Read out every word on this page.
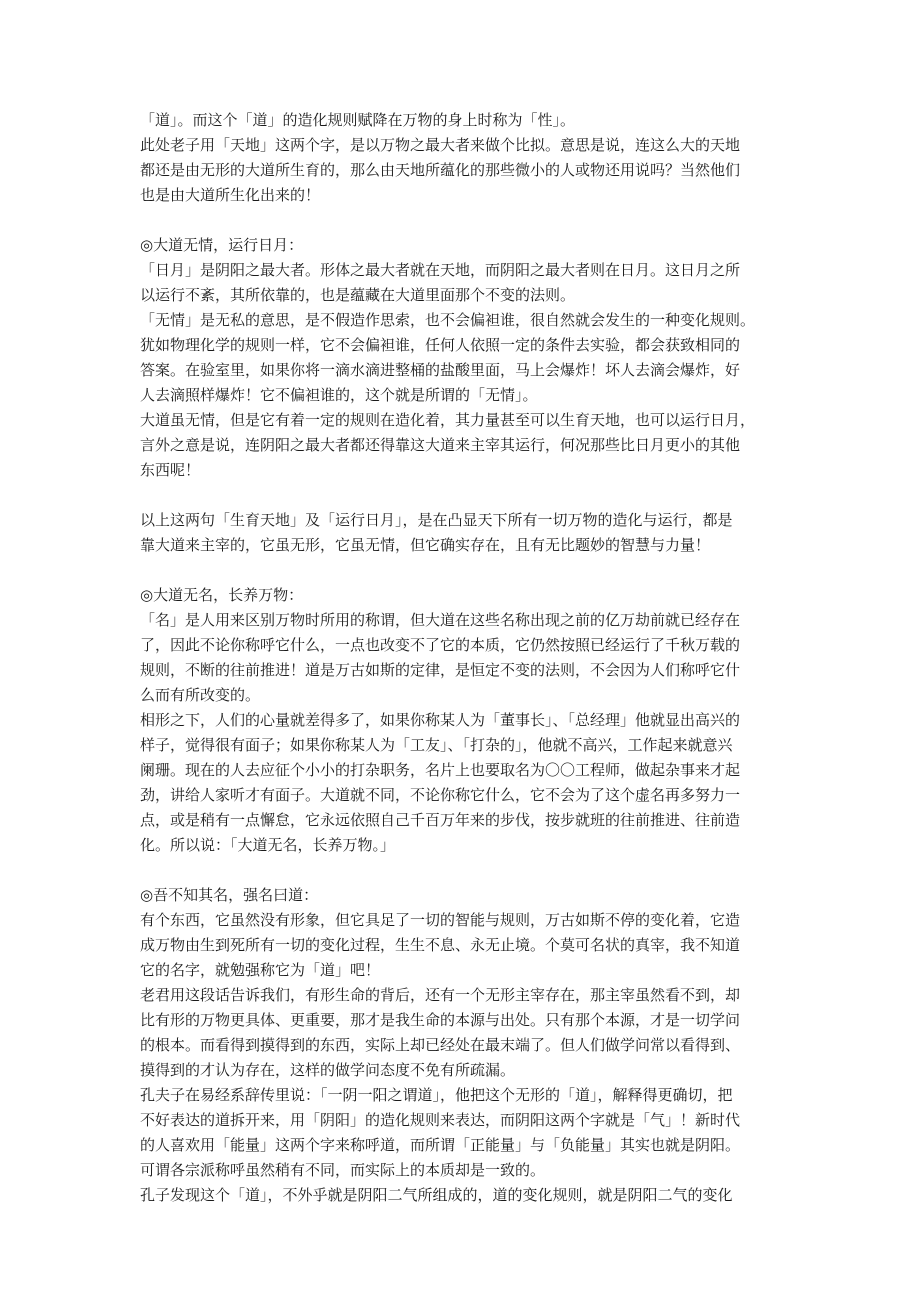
「道」。而这个「道」的造化规则赋降在万物的身上时称为「性」。
此处老子用「天地」这两个字，是以万物之最大者来做个比拟。意思是说，连这么大的天地
都还是由无形的大道所生育的，那么由天地所蕴化的那些微小的人或物还用说吗？当然他们
也是由大道所生化出来的！
◎大道无情，运行日月：
「日月」是阴阳之最大者。形体之最大者就在天地，而阴阳之最大者则在日月。这日月之所
以运行不紊，其所依靠的，也是蕴藏在大道里面那个不变的法则。
「无情」是无私的意思，是不假造作思索，也不会偏袒谁，很自然就会发生的一种变化规则。
犹如物理化学的规则一样，它不会偏袒谁，任何人依照一定的条件去实验，都会获致相同的
答案。在验室里，如果你将一滴水滴进整桶的盐酸里面，马上会爆炸！坏人去滴会爆炸，好
人去滴照样爆炸！它不偏袒谁的，这个就是所谓的「无情」。
大道虽无情，但是它有着一定的规则在造化着，其力量甚至可以生育天地，也可以运行日月，
言外之意是说，连阴阳之最大者都还得靠这大道来主宰其运行，何况那些比日月更小的其他
东西呢！
以上这两句「生育天地」及「运行日月」，是在凸显天下所有一切万物的造化与运行，都是
靠大道来主宰的，它虽无形，它虽无情，但它确实存在，且有无比题妙的智慧与力量！
◎大道无名，长养万物：
「名」是人用来区别万物时所用的称谓，但大道在这些名称出现之前的亿万劫前就已经存在
了，因此不论你称呼它什么，一点也改变不了它的本质，它仍然按照已经运行了千秋万载的
规则，不断的往前推进！道是万古如斯的定律，是恒定不变的法则，不会因为人们称呼它什
么而有所改变的。
相形之下，人们的心量就差得多了，如果你称某人为「董事长」、「总经理」他就显出高兴的
样子，觉得很有面子；如果你称某人为「工友」、「打杂的」，他就不高兴，工作起来就意兴
阑珊。现在的人去应征个小小的打杂职务，名片上也要取名为〇〇工程师，做起杂事来才起
劲，讲给人家听才有面子。大道就不同，不论你称它什么，它不会为了这个虚名再多努力一
点，或是稍有一点懈怠，它永远依照自己千百万年来的步伐，按步就班的往前推进、往前造
化。所以说：「大道无名，长养万物。」
◎吾不知其名，强名曰道：
有个东西，它虽然没有形象，但它具足了一切的智能与规则，万古如斯不停的变化着，它造
成万物由生到死所有一切的变化过程，生生不息、永无止境。个莫可名状的真宰，我不知道
它的名字，就勉强称它为「道」吧！
老君用这段话告诉我们，有形生命的背后，还有一个无形主宰存在，那主宰虽然看不到，却
比有形的万物更具体、更重要，那才是我生命的本源与出处。只有那个本源，才是一切学问
的根本。而看得到摸得到的东西，实际上却已经处在最末端了。但人们做学问常以看得到、
摸得到的才认为存在，这样的做学问态度不免有所疏漏。
孔夫子在易经系辞传里说：「一阴一阳之谓道」，他把这个无形的「道」，解释得更确切，把
不好表达的道拆开来，用「阴阳」的造化规则来表达，而阴阳这两个字就是「气」！新时代
的人喜欢用「能量」这两个字来称呼道，而所谓「正能量」与「负能量」其实也就是阴阳。
可谓各宗派称呼虽然稍有不同，而实际上的本质却是一致的。
孔子发现这个「道」，不外乎就是阴阳二气所组成的，道的变化规则，就是阴阳二气的变化
